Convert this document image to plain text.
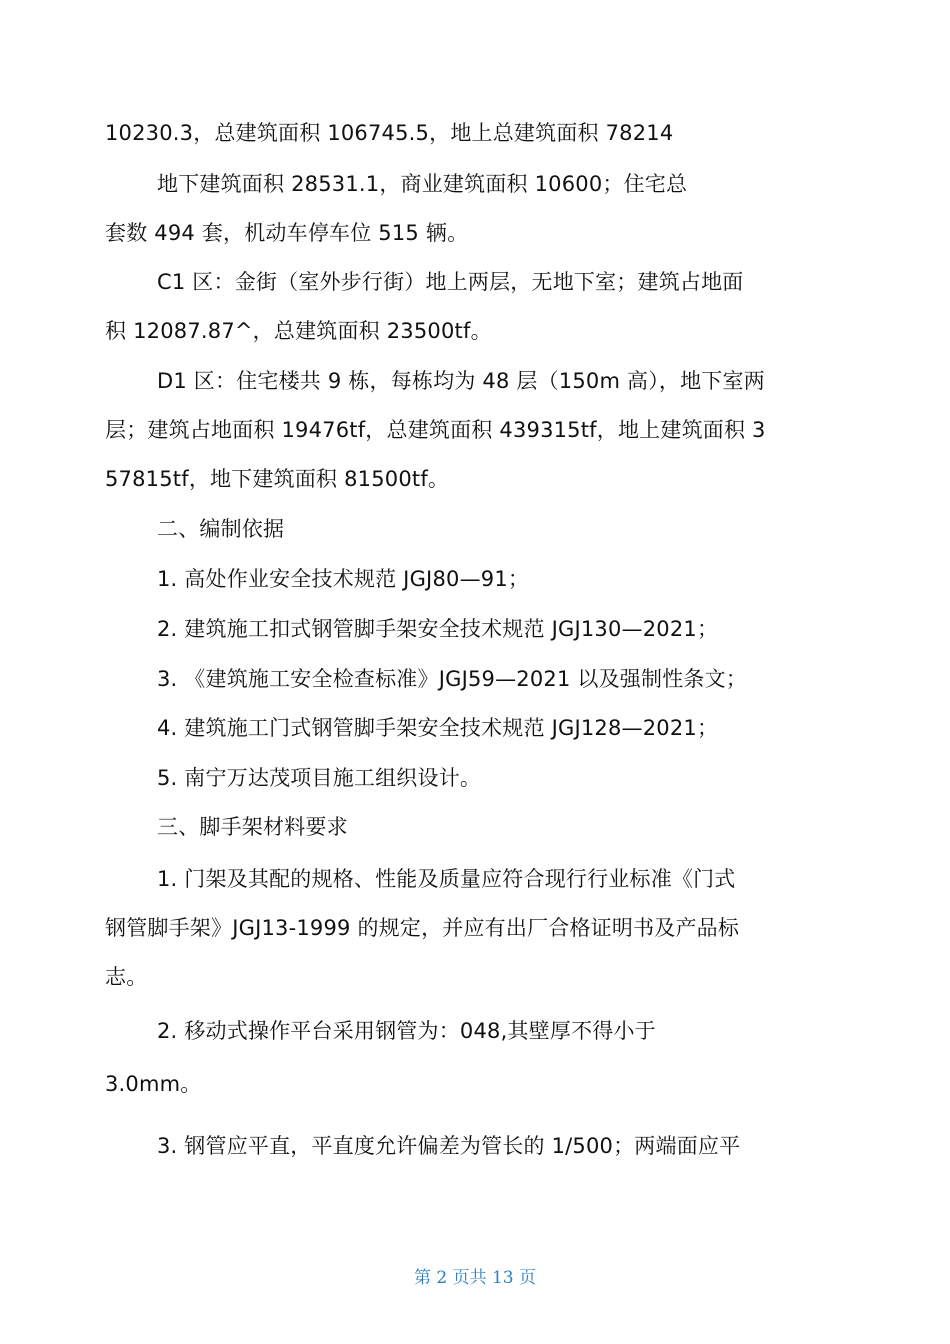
10230.3，总建筑面积 106745.5，地上总建筑面积 78214
地下建筑面积 28531.1，商业建筑面积 10600；住宅总
套数 494 套，机动车停车位 515 辆。
C1 区：金街（室外步行街）地上两层，无地下室；建筑占地面
积 12087.87^，总建筑面积 23500tf。
D1 区：住宅楼共 9 栋，每栋均为 48 层（150m 高），地下室两
层；建筑占地面积 19476tf，总建筑面积 439315tf，地上建筑面积 3
57815tf，地下建筑面积 81500tf。
二、编制依据
1. 高处作业安全技术规范 JGJ80—91；
2. 建筑施工扣式钢管脚手架安全技术规范 JGJ130—2021；
3. 《建筑施工安全检查标准》JGJ59—2021 以及强制性条文；
4. 建筑施工门式钢管脚手架安全技术规范 JGJ128—2021；
5. 南宁万达茂项目施工组织设计。
三、脚手架材料要求
1. 门架及其配的规格、性能及质量应符合现行行业标准《门式
钢管脚手架》JGJ13-1999 的规定，并应有出厂合格证明书及产品标
志。
2. 移动式操作平台采用钢管为：048,其壁厚不得小于
3.0mm。
3. 钢管应平直，平直度允许偏差为管长的 1/500；两端面应平
第 2 页共 13 页
